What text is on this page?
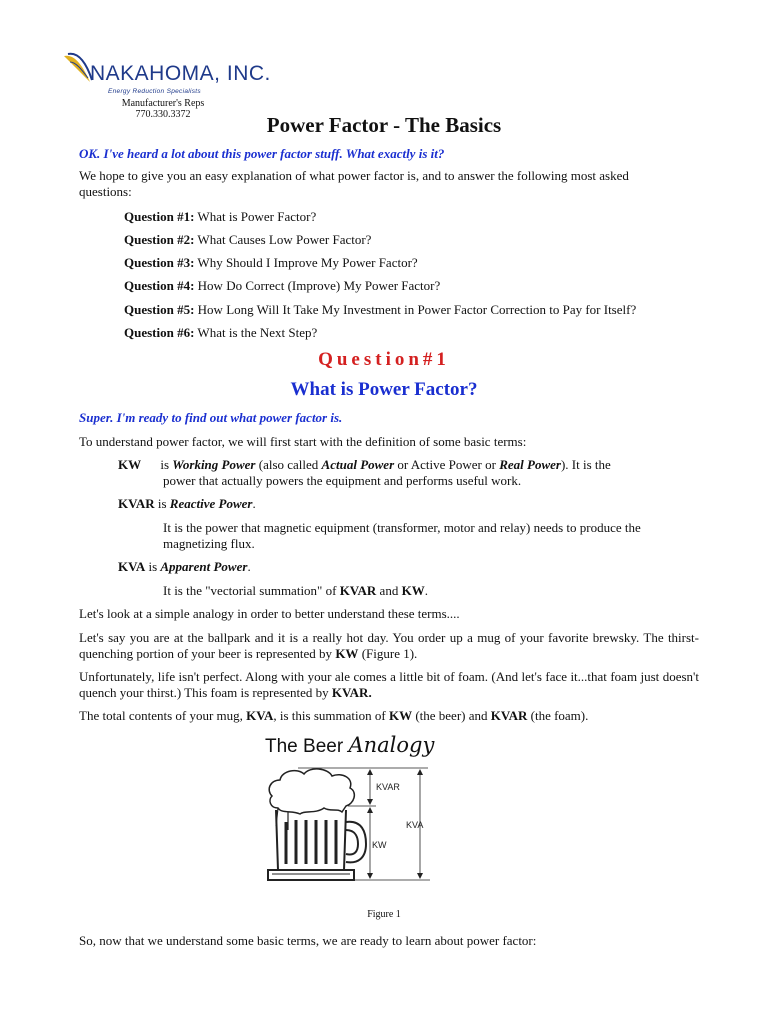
NAKAHOMA, INC.
Energy Reduction Specialists
Manufacturer's Reps
770.330.3372	Power Factor - The Basics
OK. I've heard a lot about this power factor stuff. What exactly is it?
We hope to give you an easy explanation of what power factor is, and to answer the following most asked questions:
Question #1: What is Power Factor?
Question #2: What Causes Low Power Factor?
Question #3: Why Should I Improve My Power Factor?
Question #4: How Do Correct (Improve) My Power Factor?
Question #5: How Long Will It Take My Investment in Power Factor Correction to Pay for Itself?
Question #6: What is the Next Step?
Question#1
What is Power Factor?
Super. I'm ready to find out what power factor is.
To understand power factor, we will first start with the definition of some basic terms:
KW is Working Power (also called Actual Power or Active Power or Real Power). It is the
power that actually powers the equipment and performs useful work.
KVAR is Reactive Power.
It is the power that magnetic equipment (transformer, motor and relay) needs to produce the magnetizing flux.
KVA is Apparent Power.
It is the "vectorial summation" of KVAR and KW.
Let's look at a simple analogy in order to better understand these terms....
Let's say you are at the ballpark and it is a really hot day. You order up a mug of your favorite brewsky. The thirst-quenching portion of your beer is represented by KW (Figure 1).
Unfortunately, life isn't perfect. Along with your ale comes a little bit of foam. (And let's face it...that foam just doesn't quench your thirst.) This foam is represented by KVAR.
The total contents of your mug, KVA, is this summation of KW (the beer) and KVAR (the foam).
The Beer Analogy
KVAR
KVA
KW
Figure 1
So, now that we understand some basic terms, we are ready to learn about power factor:
